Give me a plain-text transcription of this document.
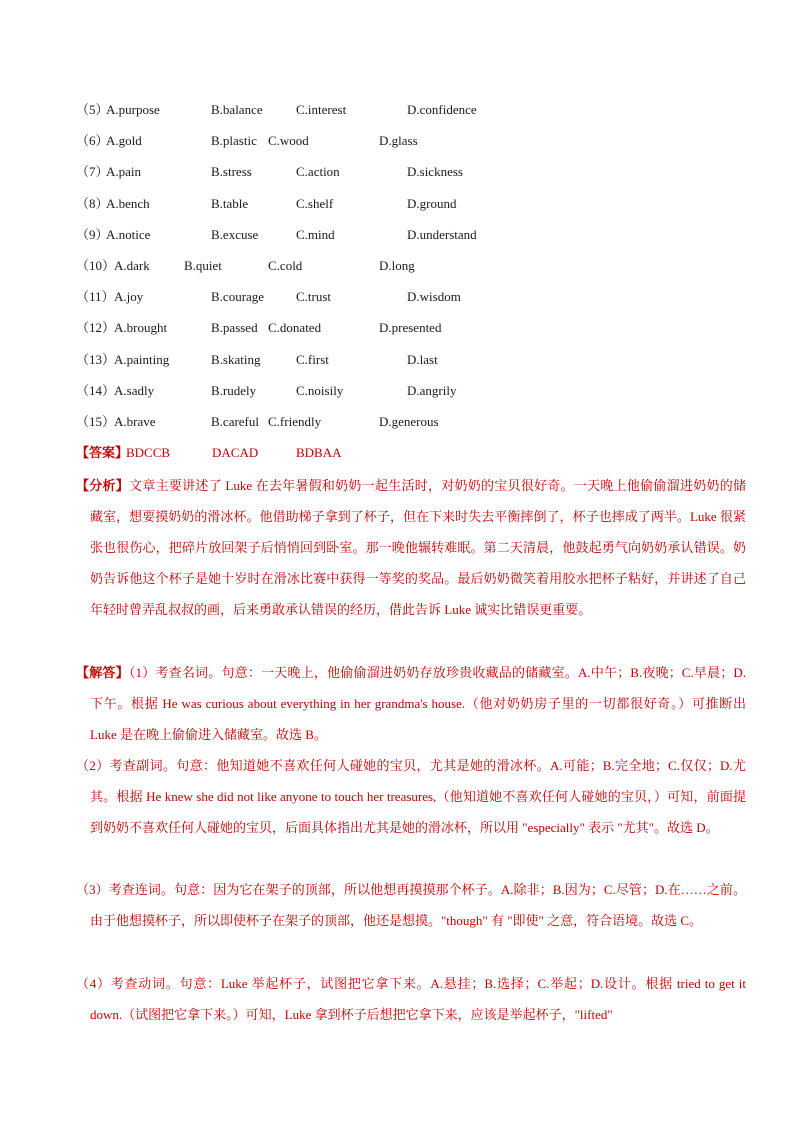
（5）
A.purpose	B.balance	C.interest	D.confidence
（6）
A.gold	B.plastic C.wood	D.glass
（7）
A.pain	B.stress	C.action	D.sickness
（8）
A.bench	B.table	C.shelf	D.ground
（9）
A.notice	B.excuse	C.mind	D.understand
（10）
A.dark	B.quiet	C.cold	D.long
（11） A.joy	B.courage C.trust	D.wisdom
（12）
A.brought	B.passed C.donated	D.presented
（13）
A.painting	B.skating	C.first	D.last
（14）
A.sadly	B.rudely	C.noisily	D.angrily
（15）
A.brave	B.careful C.friendly	D.generous
【答案】
BDCCB	DACAD	BDBAA
【分析】文章主要讲述了 Luke 在去年暑假和奶奶一起生活时，对奶奶的宝贝很好奇。一天晚上他偷偷溜进奶奶的储藏室，想要摸奶奶的滑冰杯。他借助梯子拿到了杯子，但在下来时失去平衡摔倒了，杯子也摔成了两半。Luke 很紧张也很伤心，把碎片放回架子后悄悄回到卧室。那一晚他辗转难眠。第二天清晨，他鼓起勇气向奶奶承认错误。奶奶告诉他这个杯子是她十岁时在滑冰比赛中获得一等奖的奖品。最后奶奶微笑着用胶水把杯子粘好，并讲述了自己年轻时曾弄乱叔叔的画，后来勇敢承认错误的经历，借此告诉 Luke 诚实比错误更重要。
【解答】（1）考查名词。句意：一天晚上，他偷偷溜进奶奶存放珍贵收藏品的储藏室。A.中午；B.夜晚；C.早晨；D.下午。根据 He was curious about everything in her grandma's house.（他对奶奶房子里的一切都很好奇。）可推断出 Luke 是在晚上偷偷进入储藏室。故选 B。
（2）考查副词。句意：他知道她不喜欢任何人碰她的宝贝，尤其是她的滑冰杯。A.可能；B.完全地；C.仅仅；D.尤其。根据 He knew she did not like anyone to touch her treasures,（他知道她不喜欢任何人碰她的宝贝，）可知，前面提到奶奶不喜欢任何人碰她的宝贝，后面具体指出尤其是她的滑冰杯，所以用 "especially" 表示 "尤其"。故选 D。
（3）考查连词。句意：因为它在架子的顶部，所以他想再摸摸那个杯子。A.除非；B.因为；C.尽管；D.在……之前。由于他想摸杯子，所以即使杯子在架子的顶部，他还是想摸。"though" 有 "即使" 之意，符合语境。故选 C。
（4）考查动词。句意：Luke 举起杯子，试图把它拿下来。A.悬挂；B.选择；C.举起；D.设计。根据 tried to get it down.（试图把它拿下来。）可知，Luke 拿到杯子后想把它拿下来，应该是举起杯子，"lifted"
